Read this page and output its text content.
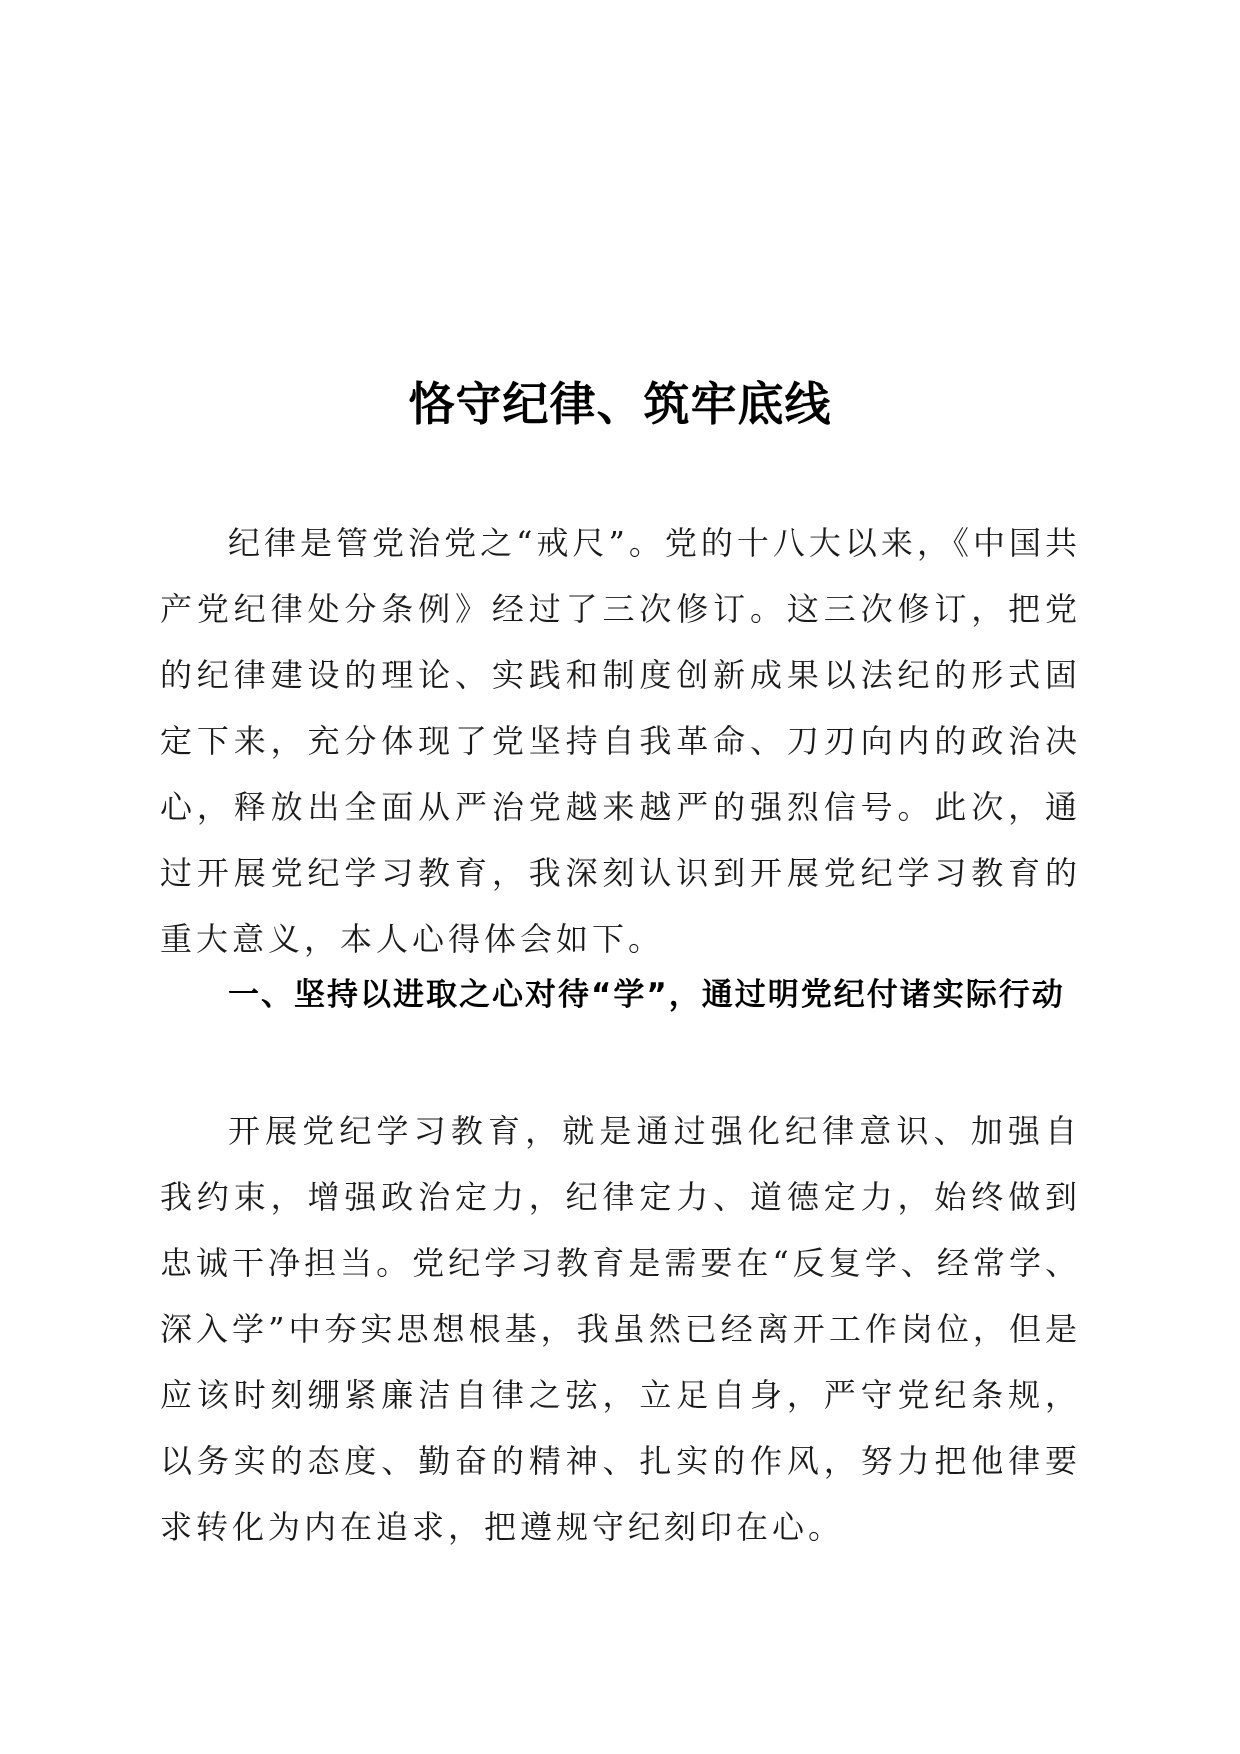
恪守纪律、筑牢底线

纪律是管党治党之“戒尺”。党的十八大以来，《中国共产党纪律处分条例》经过了三次修订。这三次修订，把党的纪律建设的理论、实践和制度创新成果以法纪的形式固定下来，充分体现了党坚持自我革命、刀刃向内的政治决心，释放出全面从严治党越来越严的强烈信号。此次，通过开展党纪学习教育，我深刻认识到开展党纪学习教育的重大意义，本人心得体会如下。

一、坚持以进取之心对待“学”，通过明党纪付诸实际行动

开展党纪学习教育，就是通过强化纪律意识、加强自我约束，增强政治定力，纪律定力、道德定力，始终做到忠诚干净担当。党纪学习教育是需要在“反复学、经常学、深入学”中夯实思想根基，我虽然已经离开工作岗位，但是应该时刻绷紧廉洁自律之弦，立足自身，严守党纪条规，以务实的态度、勤奋的精神、扎实的作风，努力把他律要求转化为内在追求，把遵规守纪刻印在心。
